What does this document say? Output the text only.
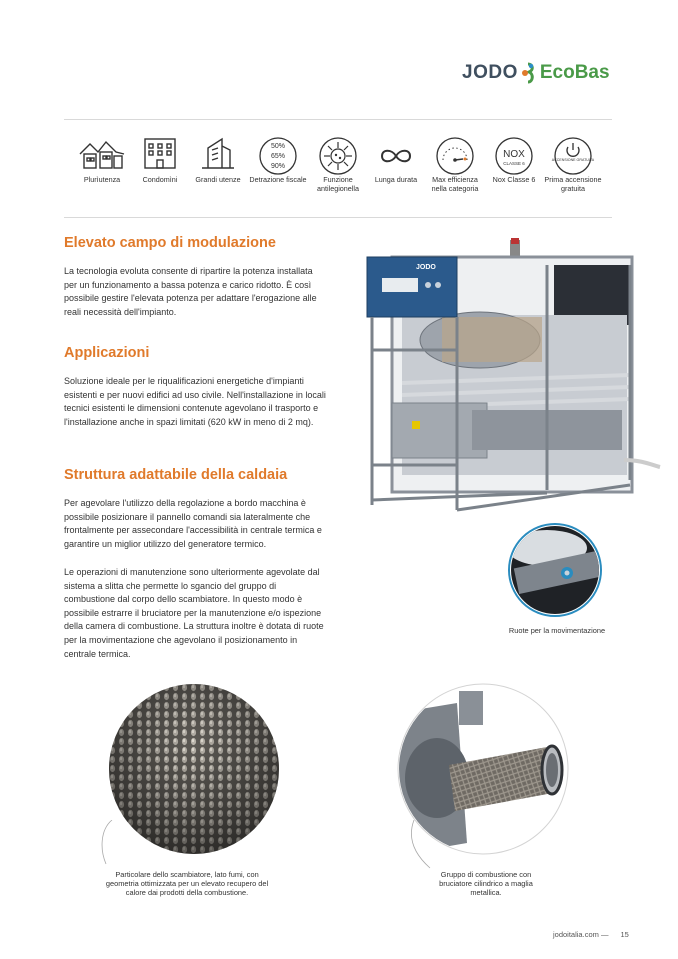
JODO EcoBas
Plurìutenza	Condomìni	Grandi utenze
50%
65%
90%
Detrazione fiscale	Funzione antilegionella
Lunga durata	Max efficienza nella categoria
NOX
CLASSE 6
Nox Classe 6
ACCENSIONE GRATUITA
Prima accensione gratuita
Elevato campo di modulazione
La tecnologia evoluta consente di ripartire la potenza installata per un funzionamento a bassa potenza e carico ridotto. È così possibile gestire l'elevata potenza per adattare l'erogazione alle reali necessità dell'impianto.
Applicazioni
Soluzione ideale per le riqualificazioni energetiche d'impianti esistenti e per nuovi edifici ad uso civile. Nell'installazione in locali tecnici esistenti le dimensioni contenute agevolano il trasporto e l'installazione anche in spazi limitati (620 kW in meno di 2 mq).
Struttura adattabile della caldaia
Per agevolare l'utilizzo della regolazione a bordo macchina è possibile posizionare il pannello comandi sia lateralmente che frontalmente per assecondare l'accessibilità in centrale termica e garantire un miglior utilizzo del generatore termico.
Le operazioni di manutenzione sono ulteriormente agevolate dal sistema a slitta che permette lo sgancio del gruppo di combustione dal corpo dello scambiatore. In questo modo è possibile estrarre il bruciatore per la manutenzione e/o ispezione della camera di combustione. La struttura inoltre è dotata di ruote per la movimentazione che agevolano il posizionamento in centrale termica.
JODO
Ruote per la movimentazione
Particolare dello scambiatore, lato fumi, con geometria ottimizzata per un elevato recupero del calore dai prodotti della combustione.
Gruppo di combustione con bruciatore cilindrico a maglia metallica.
jodoitalia.com — 15
